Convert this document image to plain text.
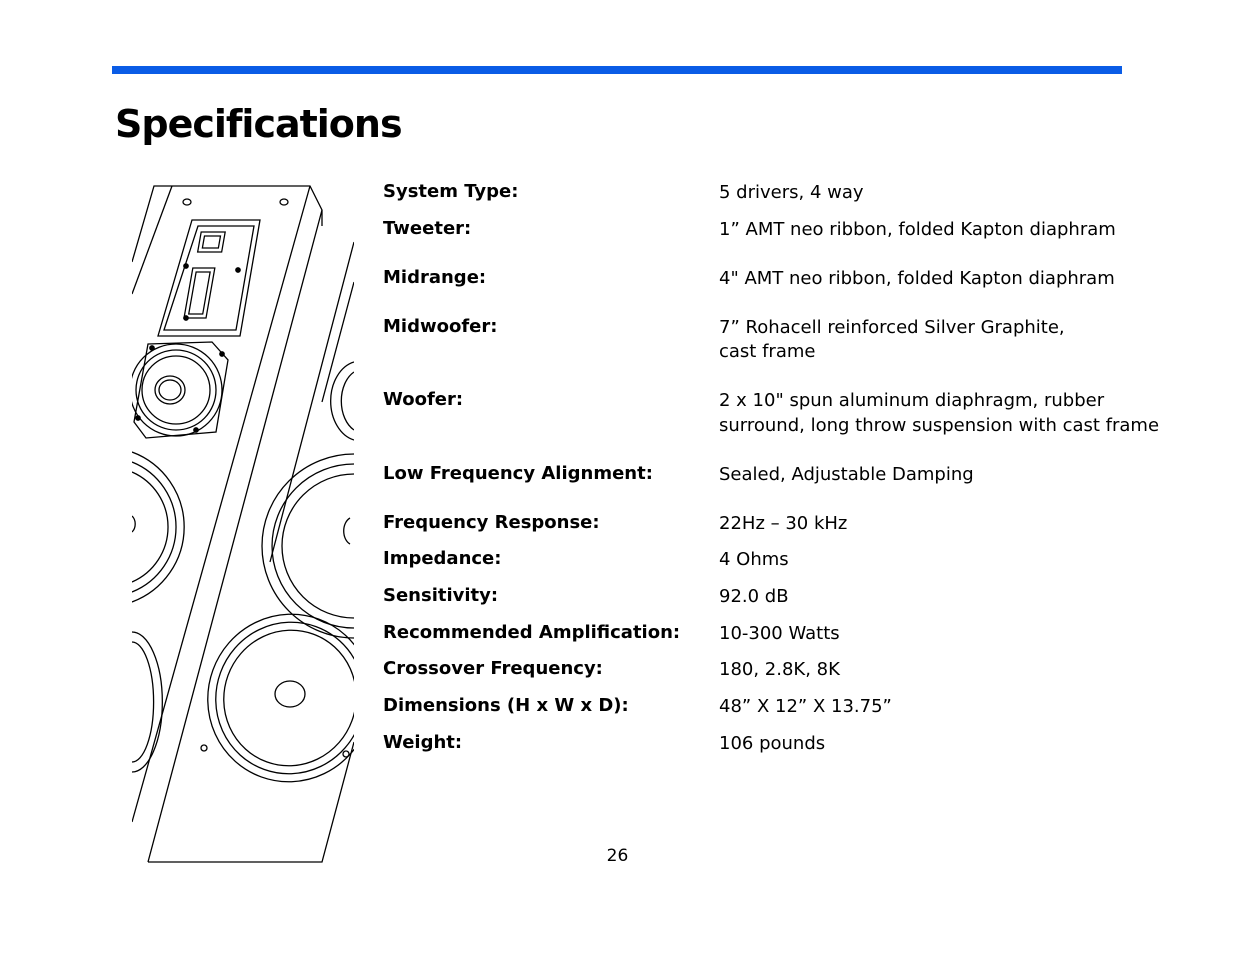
Specifications
System Type:	5 drivers, 4 way
Tweeter:	1” AMT neo ribbon, folded Kapton diaphram
Midrange:	4" AMT neo ribbon, folded Kapton diaphram
Midwoofer:	7” Rohacell reinforced Silver Graphite,
cast frame
Woofer:	2 x 10" spun aluminum diaphragm, rubber
surround, long throw suspension with cast frame
Low Frequency Alignment:	Sealed, Adjustable Damping
Frequency Response:	22Hz – 30 kHz
Impedance:	4 Ohms
Sensitivity:	92.0 dB
Recommended Amplification: 10-300 Watts
Crossover Frequency:	180, 2.8K, 8K
Dimensions (H x W x D):	48” X 12” X 13.75”
Weight:	106 pounds
26
